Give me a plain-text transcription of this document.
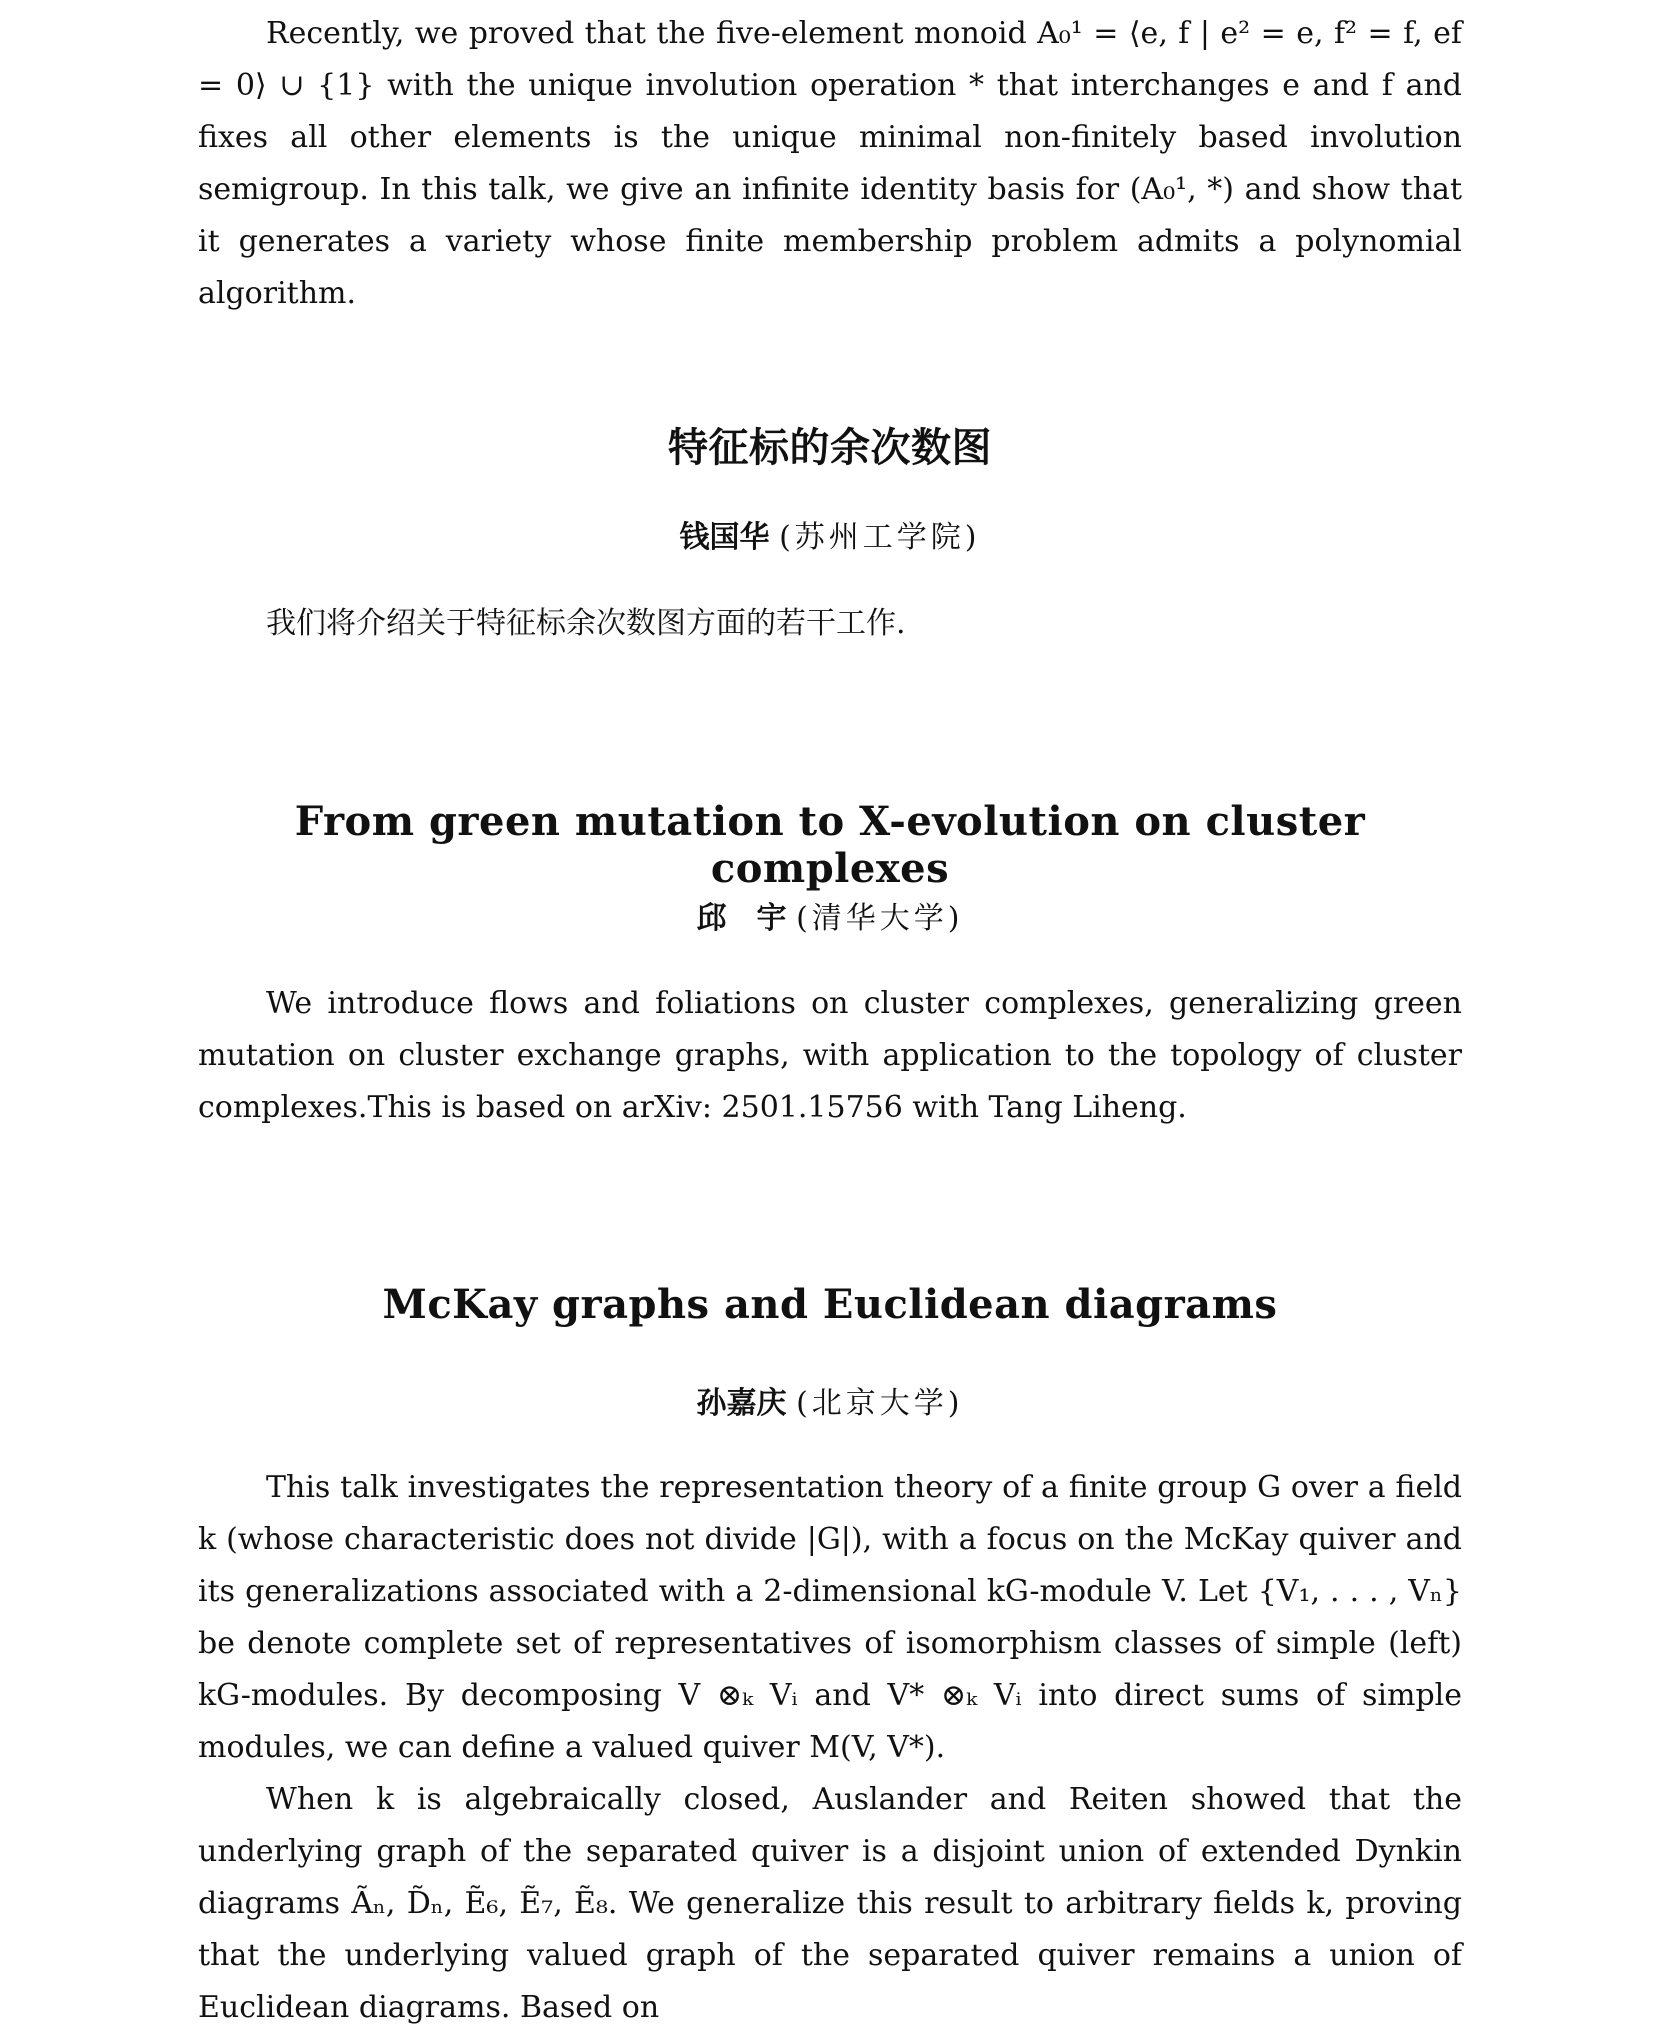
Recently, we proved that the five-element monoid A₀¹ = ⟨e, f | e² = e, f² = f, ef = 0⟩ ∪ {1} with the unique involution operation * that interchanges e and f and fixes all other elements is the unique minimal non-finitely based involution semigroup. In this talk, we give an infinite identity basis for (A₀¹, *) and show that it generates a variety whose finite membership problem admits a polynomial algorithm.

特征标的余次数图

钱国华 (苏州工学院)

我们将介绍关于特征标余次数图方面的若干工作.

From green mutation to X-evolution on cluster complexes

邱　宇 (清华大学)

We introduce flows and foliations on cluster complexes, generalizing green mutation on cluster exchange graphs, with application to the topology of cluster complexes.This is based on arXiv: 2501.15756 with Tang Liheng.

McKay graphs and Euclidean diagrams

孙嘉庆 (北京大学)

This talk investigates the representation theory of a finite group G over a field k (whose characteristic does not divide |G|), with a focus on the McKay quiver and its generalizations associated with a 2-dimensional kG-module V. Let {V₁, . . . , Vₙ} be denote complete set of representatives of isomorphism classes of simple (left) kG-modules. By decomposing V ⊗ₖ Vᵢ and V* ⊗ₖ Vᵢ into direct sums of simple modules, we can define a valued quiver M(V, V*).

When k is algebraically closed, Auslander and Reiten showed that the underlying graph of the separated quiver is a disjoint union of extended Dynkin diagrams Ãₙ, D̃ₙ, Ẽ₆, Ẽ₇, Ẽ₈. We generalize this result to arbitrary fields k, proving that the underlying valued graph of the separated quiver remains a union of Euclidean diagrams. Based on
